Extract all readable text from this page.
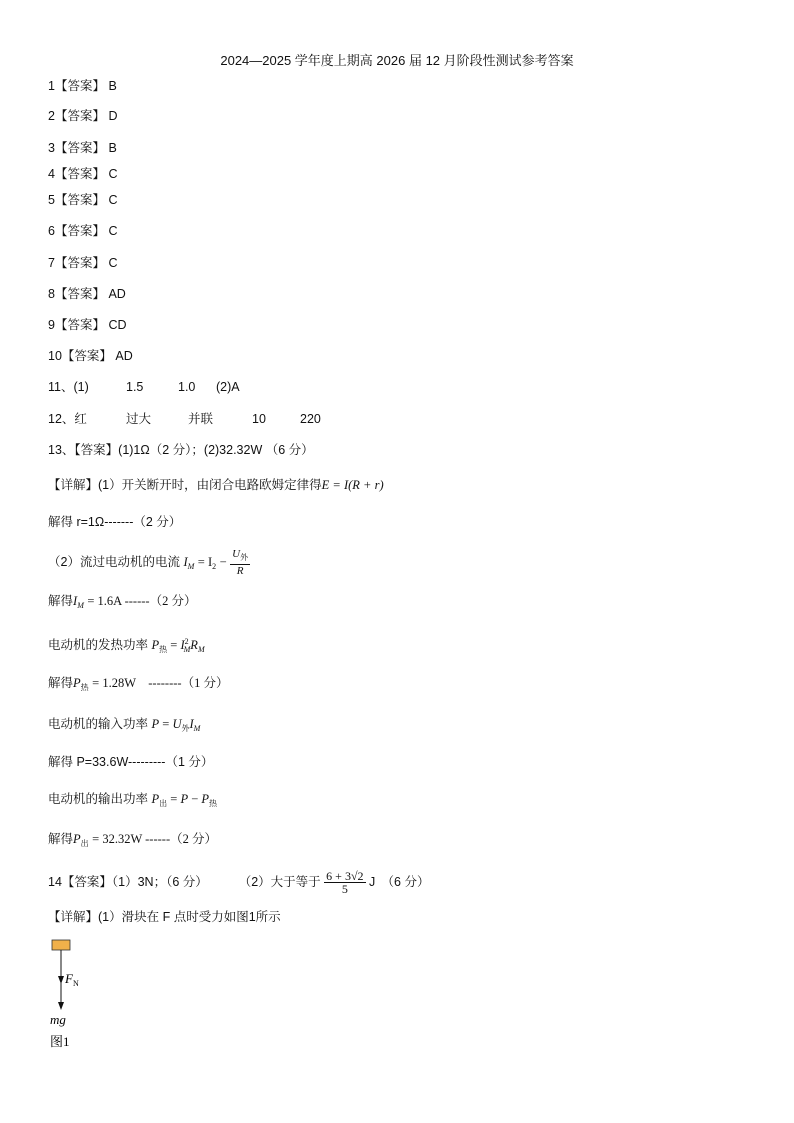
2024—2025 学年度上期高 2026 届 12 月阶段性测试参考答案
1【答案】 B
2【答案】 D
3【答案】 B
4【答案】 C
5【答案】 C
6【答案】 C
7【答案】 C
8【答案】 AD
9【答案】 CD
10【答案】 AD
11、(1)	1.5	1.0 (2)A
12、红	过大	并联	10	220
13、【答案】(1)1Ω（2 分）；(2)32.32W （6 分）
【详解】(1）开关断开时，由闭合电路欧姆定律得E = I(R + r)
解得 r=1Ω-------（2 分）
（2）流过电动机的电流 $I_M = I_2 - \frac{U_外}{R}$
解得$I_M = 1.6A$ ------（2 分）
电动机的发热功率 $P_热 = I^2_MR_M$
解得$P_热 = 1.28W$　--------（1 分）
电动机的输入功率 $P = U_外I_M$
解得 P=33.6W---------（1 分）
电动机的输出功率 $P_出 = P - P_热$
解得$P_出 = 32.32W$ ------（2 分）
14【答案】（1）3N；（6 分） （2）大于等于 $\frac{6 + 3√2}{5}$ J　（6 分）
【详解】(1）滑块在 F 点时受力如图1所示
$F_N$
mg
图1
